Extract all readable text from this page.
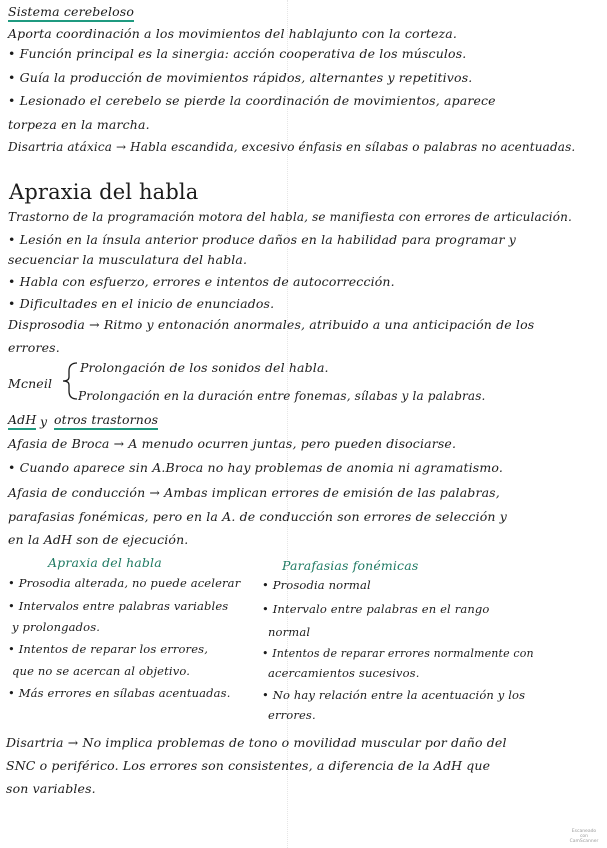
Sistema cerebeloso
Aporta coordinación a los movimientos del hablajunto con la corteza.
• Función principal es la sinergia: acción cooperativa de los músculos.
• Guía la producción de movimientos rápidos, alternantes y repetitivos.
• Lesionado el cerebelo se pierde la coordinación de movimientos, aparece
torpeza en la marcha.
Disartria atáxica → Habla escandida, excesivo énfasis en sílabas o palabras no acentuadas.
Apraxia del habla
Trastorno de la programación motora del habla, se manifiesta con errores de articulación.
• Lesión en la ínsula anterior produce daños en la habilidad para programar y
secuenciar la musculatura del habla.
• Habla con esfuerzo, errores e intentos de autocorrección.
• Dificultades en el inicio de enunciados.
Disprosodia → Ritmo y entonación anormales, atribuido a una anticipación de los
errores.
Mcneil
Prolongación de los sonidos del habla.
Prolongación en la duración entre fonemas, sílabas y la palabras.
AdH y otros trastornos
Afasia de Broca → A menudo ocurren juntas, pero pueden disociarse.
• Cuando aparece sin A.Broca no hay problemas de anomia ni agramatismo.
Afasia de conducción → Ambas implican errores de emisión de las palabras,
parafasias fonémicas, pero en la A. de conducción son errores de selección y
en la AdH son de ejecución.
Apraxia del habla	Parafasias fonémicas
• Prosodia alterada, no puede acelerar
• Intervalos entre palabras variables
y prolongados.
• Intentos de reparar los errores,
que no se acercan al objetivo.
• Más errores en sílabas acentuadas.
• Prosodia normal
• Intervalo entre palabras en el rango
normal
• Intentos de reparar errores normalmente con
acercamientos sucesivos.
• No hay relación entre la acentuación y los
errores.
Disartria → No implica problemas de tono o movilidad muscular por daño del
SNC o periférico. Los errores son consistentes, a diferencia de la AdH que
son variables.
Escaneado con CamScanner
